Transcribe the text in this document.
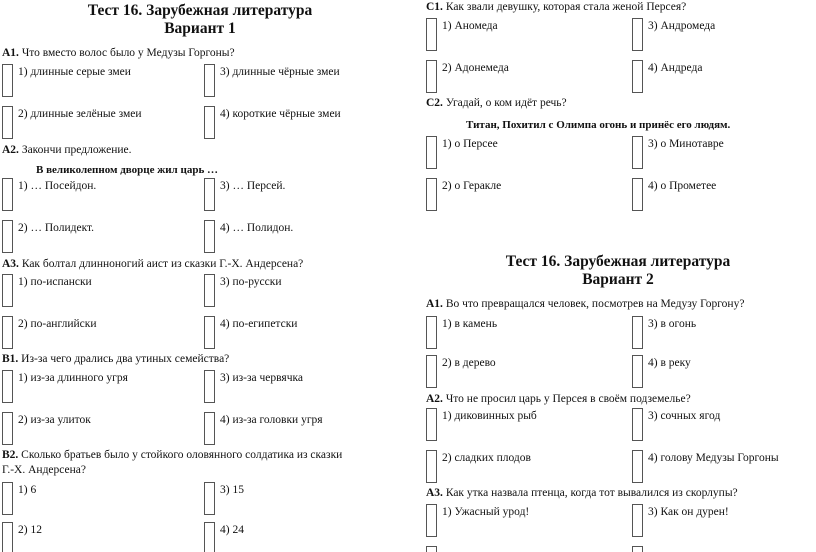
Тест 16. Зарубежная литература
Вариант 1
А1. Что вместо волос было у Медузы Горгоны?
1) длинные серые змеи	3) длинные чёрные змеи
2) длинные зелёные змеи	4) короткие чёрные змеи
А2. Закончи предложение.
В великолепном дворце жил царь …
1) … Посейдон.	3) … Персей.
2) … Полидект.	4) … Полидон.
А3. Как болтал длинноногий аист из сказки Г.-Х. Андерсена?
1) по-испански	3) по-русски
2) по-английски	4) по-египетски
В1. Из-за чего дрались два утиных семейства?
1) из-за длинного угря	3) из-за червячка
2) из-за улиток	4) из-за головки угря
В2. Сколько братьев было у стойкого оловянного солдатика из сказки
Г.-Х. Андерсена?
1) 6	3) 15
2) 12	4) 24
С1. Как звали девушку, которая стала женой Персея?
1) Аномеда	3) Андромеда
2) Адонемеда	4) Андреда
С2. Угадай, о ком идёт речь?
Титан, Похитил с Олимпа огонь и принёс его людям.
1) о Персее	3) о Минотавре
2) о Геракле	4) о Прометее
Тест 16. Зарубежная литература
Вариант 2
А1. Во что превращался человек, посмотрев на Медузу Горгону?
1) в камень	3) в огонь
2) в дерево	4) в реку
А2. Что не просил царь у Персея в своём подземелье?
1) диковинных рыб	3) сочных ягод
2) сладких плодов	4) голову Медузы Горгоны
А3. Как утка назвала птенца, когда тот вывалился из скорлупы?
1) Ужасный урод!	3) Как он дурен!
